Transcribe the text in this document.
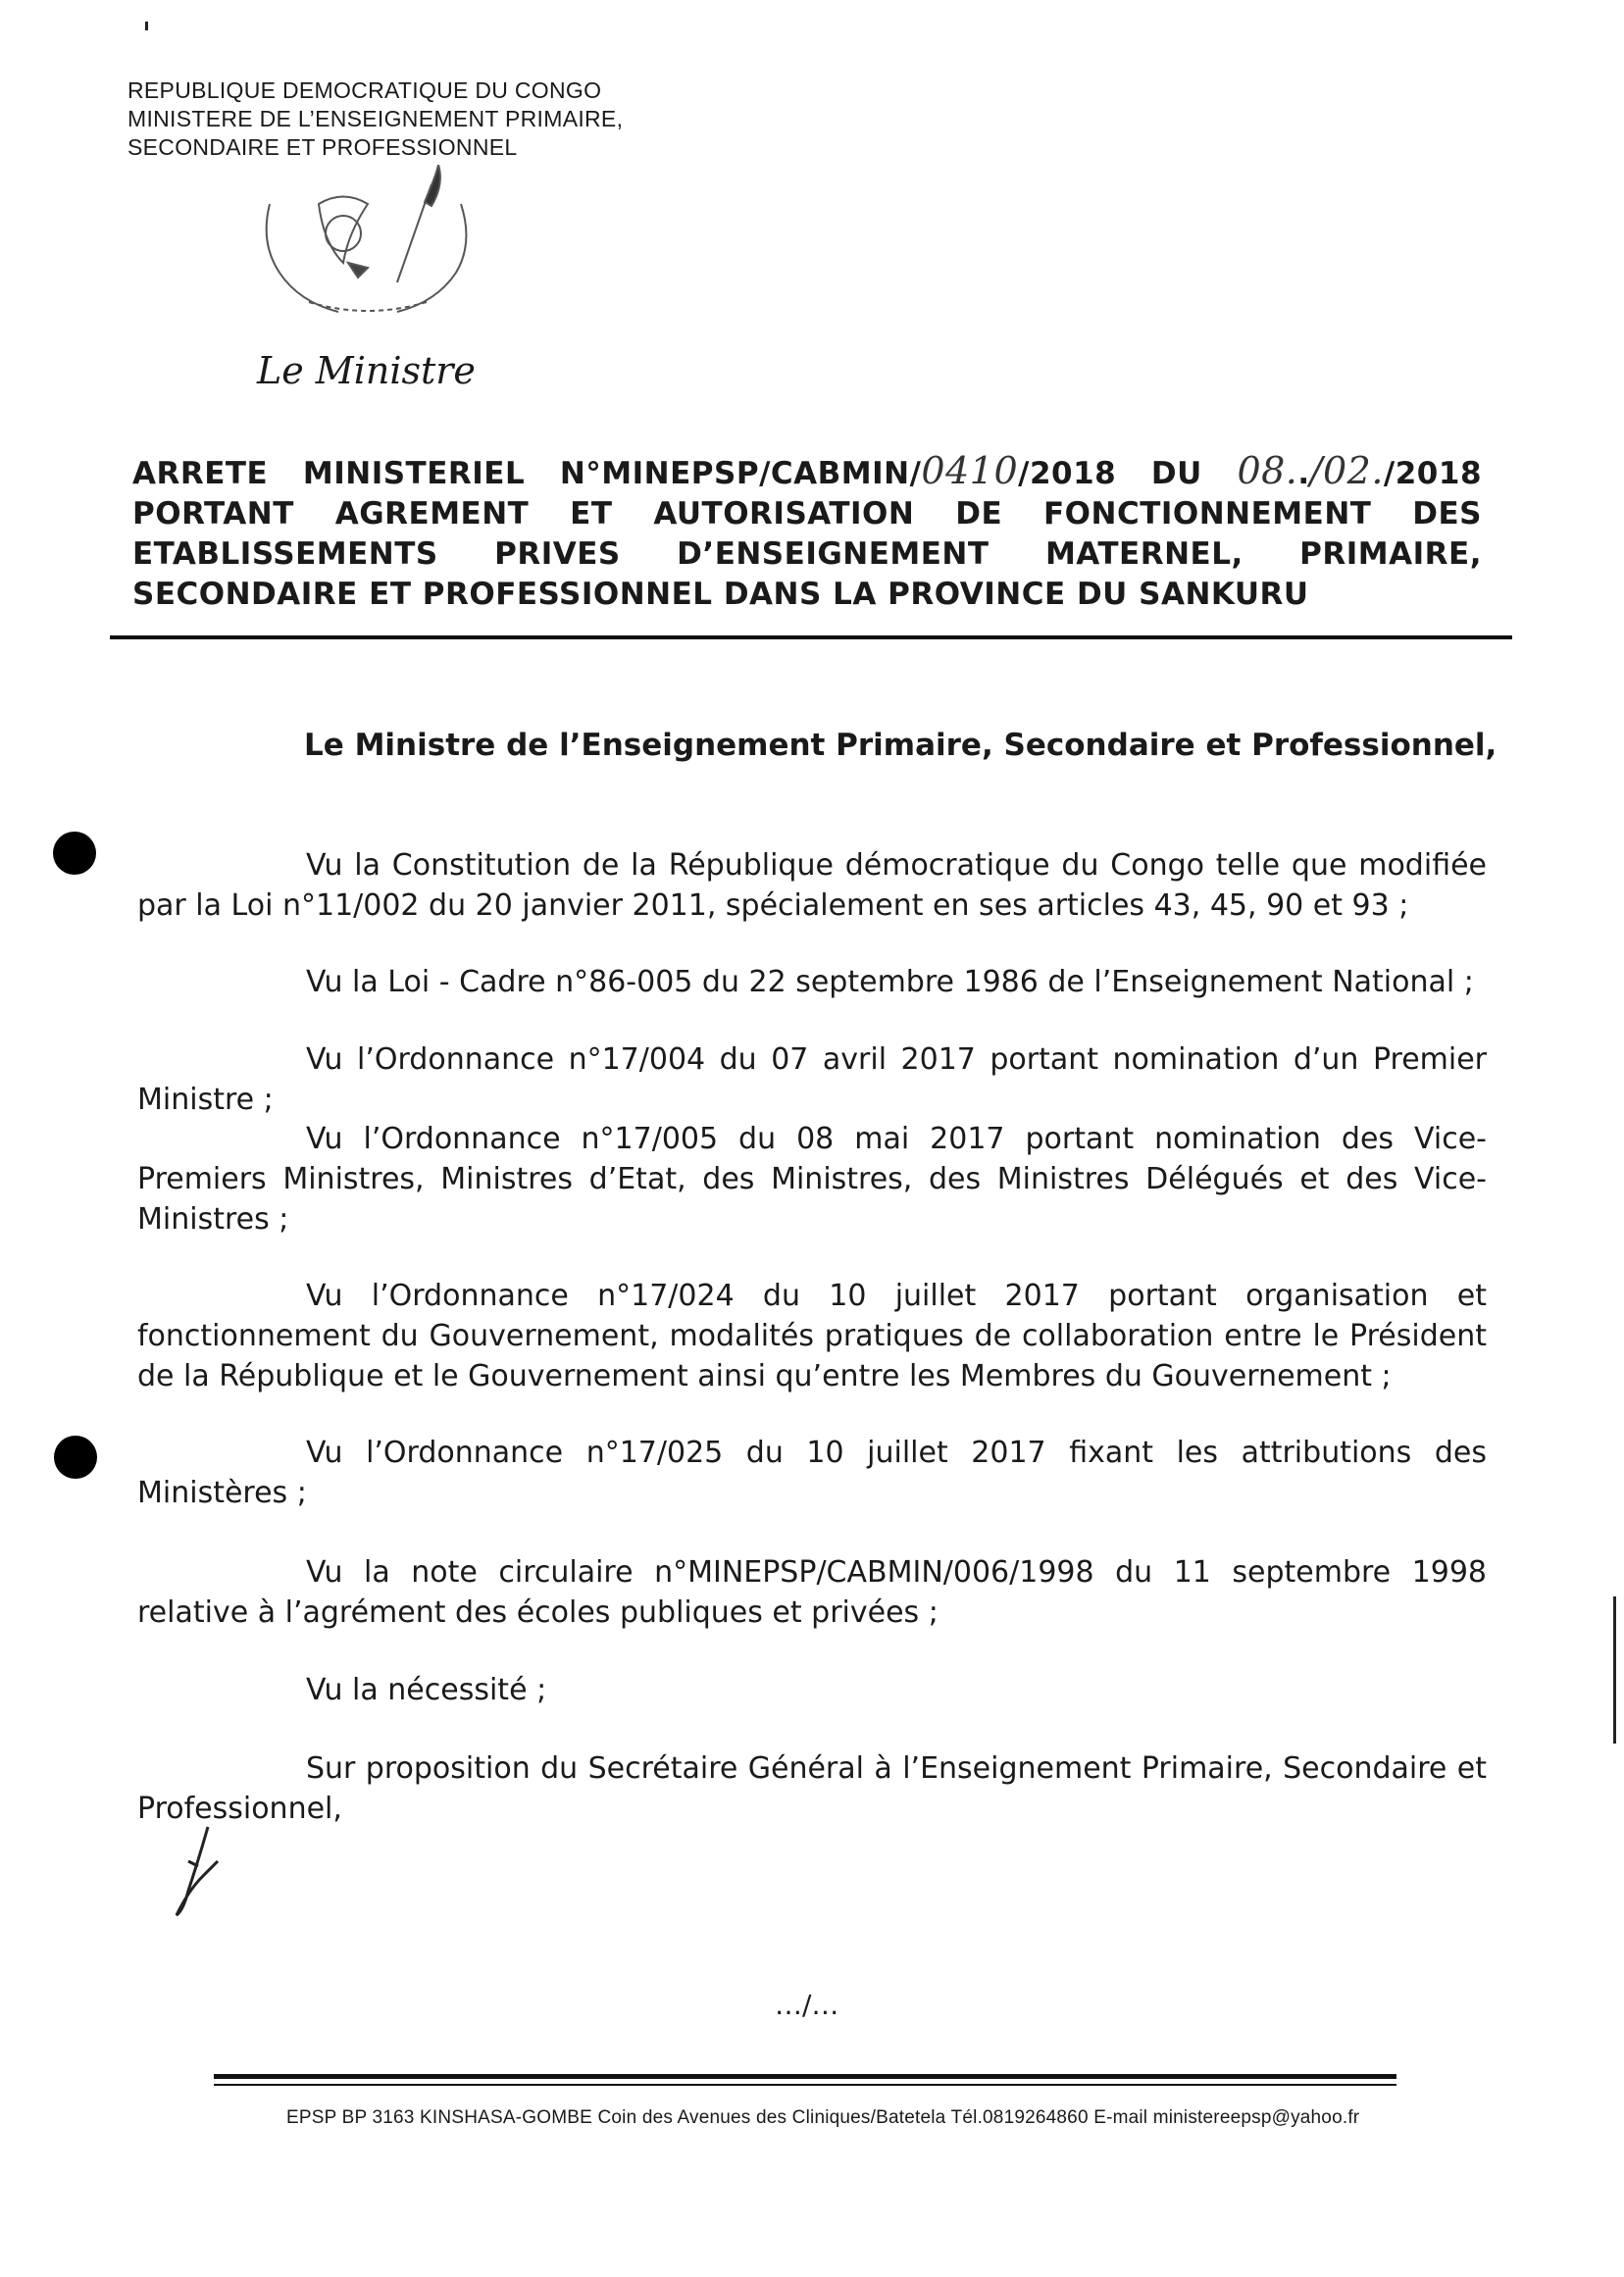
REPUBLIQUE DEMOCRATIQUE DU CONGO
MINISTERE DE L’ENSEIGNEMENT PRIMAIRE,
SECONDAIRE ET PROFESSIONNEL
Le Ministre
ARRETE MINISTERIEL N°MINEPSP/CABMIN/0410/2018 DU 08../02./2018
PORTANT AGREMENT ET AUTORISATION DE FONCTIONNEMENT DES
ETABLISSEMENTS PRIVES D’ENSEIGNEMENT MATERNEL, PRIMAIRE,
SECONDAIRE ET PROFESSIONNEL DANS LA PROVINCE DU SANKURU
Le Ministre de l’Enseignement Primaire, Secondaire et Professionnel,
Vu la Constitution de la République démocratique du Congo telle que modifiée par la Loi n°11/002 du 20 janvier 2011, spécialement en ses articles 43, 45, 90 et 93 ;
Vu la Loi - Cadre n°86-005 du 22 septembre 1986 de l’Enseignement National ;
Vu l’Ordonnance n°17/004 du 07 avril 2017 portant nomination d’un Premier Ministre ;
Vu l’Ordonnance n°17/005 du 08 mai 2017 portant nomination des Vice-Premiers Ministres, Ministres d’Etat, des Ministres, des Ministres Délégués et des Vice-Ministres ;
Vu l’Ordonnance n°17/024 du 10 juillet 2017 portant organisation et fonctionnement du Gouvernement, modalités pratiques de collaboration entre le Président de la République et le Gouvernement ainsi qu’entre les Membres du Gouvernement ;
Vu l’Ordonnance n°17/025 du 10 juillet 2017 fixant les attributions des Ministères ;
Vu la note circulaire n°MINEPSP/CABMIN/006/1998 du 11 septembre 1998 relative à l’agrément des écoles publiques et privées ;
Vu la nécessité ;
Sur proposition du Secrétaire Général à l’Enseignement Primaire, Secondaire et Professionnel,
…/…
EPSP BP 3163 KINSHASA-GOMBE Coin des Avenues des Cliniques/Batetela Tél.0819264860 E-mail ministereepsp@yahoo.fr
